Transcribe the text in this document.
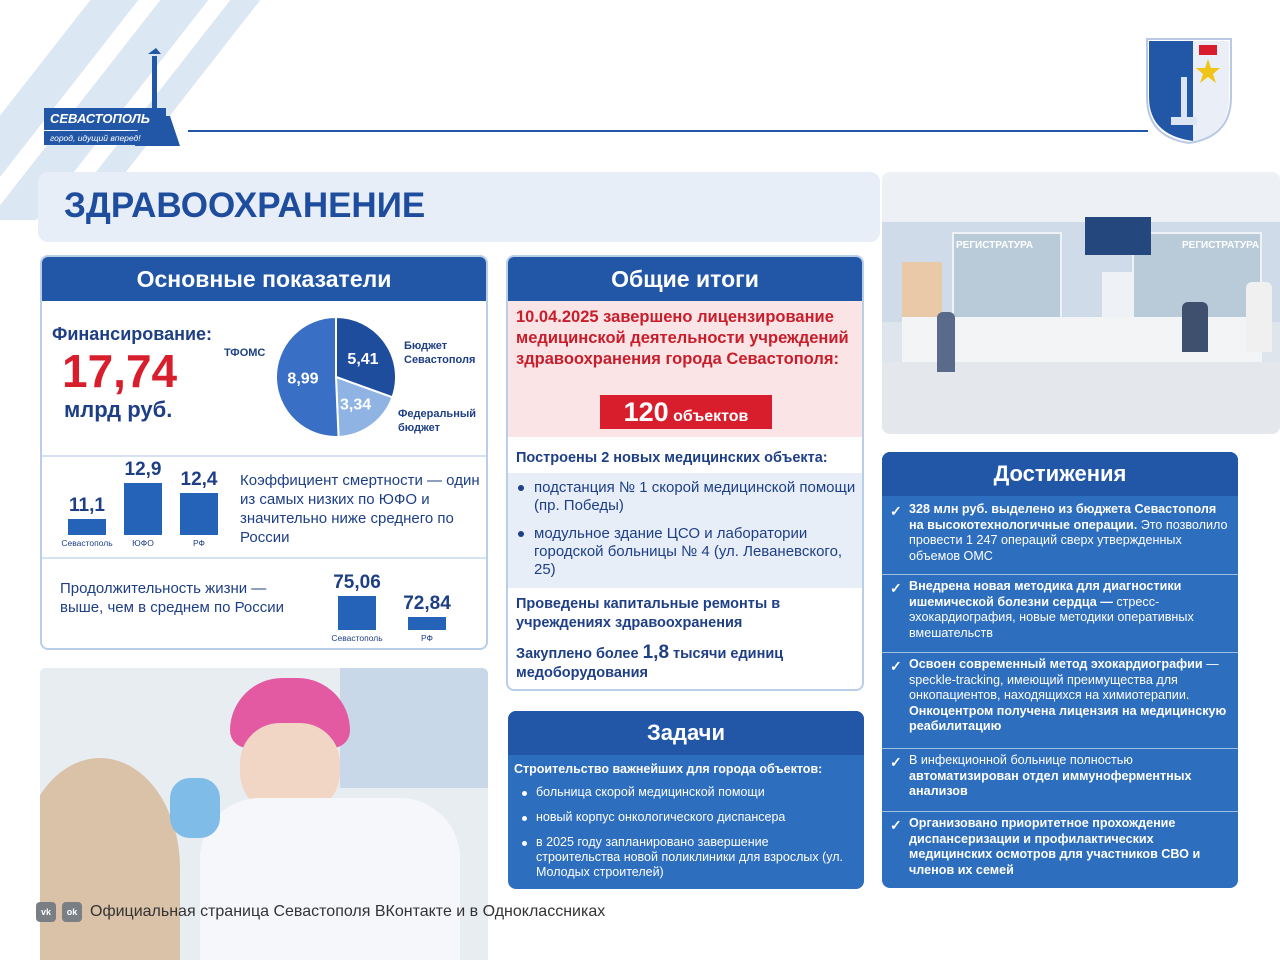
СЕВАСТОПОЛЬ
город, идущий вперед!
ЗДРАВООХРАНЕНИЕ
Основные показатели
Финансирование:
17,74
млрд руб.
ТФОМС	5,41
3,34
8,99
Бюджет Севастополя
Федеральный бюджет
11,1
Севастополь
12,9
ЮФО
12,4
РФ
Коэффициент смертности — один из самых низких по ЮФО и значительно ниже среднего по России
Продолжительность жизни — выше, чем в среднем по России
75,06
Севастополь
72,84
РФ
Общие итоги
10.04.2025 завершено лицензирование медицинской деятельности учреждений здравоохранения города Севастополя:
120 объектов
Построены 2 новых медицинских объекта:
подстанция № 1 скорой медицинской помощи (пр. Победы)
модульное здание ЦСО и лаборатории городской больницы № 4 (ул. Леваневского, 25)
Проведены капитальные ремонты в учреждениях здравоохранения
Закуплено более 1,8 тысячи единиц медоборудования
Задачи
Строительство важнейших для города объектов:
больница скорой медицинской помощи
новый корпус онкологического диспансера
в 2025 году запланировано завершение строительства новой поликлиники для взрослых (ул. Молодых строителей)
РЕГИСТРАТУРА	РЕГИСТРАТУРА
Достижения
✓ 328 млн руб. выделено из бюджета Севастополя на высокотехнологичные операции. Это позволило провести 1 247 операций сверх утвержденных объемов ОМС
✓ Внедрена новая методика для диагностики ишемической болезни сердца — стресс-эхокардиография, новые методики оперативных вмешательств
✓ Освоен современный метод эхокардиографии — speckle-tracking, имеющий преимущества для онкопациентов, находящихся на химиотерапии. Онкоцентром получена лицензия на медицинскую реабилитацию
✓ В инфекционной больнице полностью автоматизирован отдел иммуноферментных анализов
✓ Организовано приоритетное прохождение диспансеризации и профилактических медицинских осмотров для участников СВО и членов их семей
vk	ok Официальная страница Севастополя ВКонтакте и в Одноклассниках
